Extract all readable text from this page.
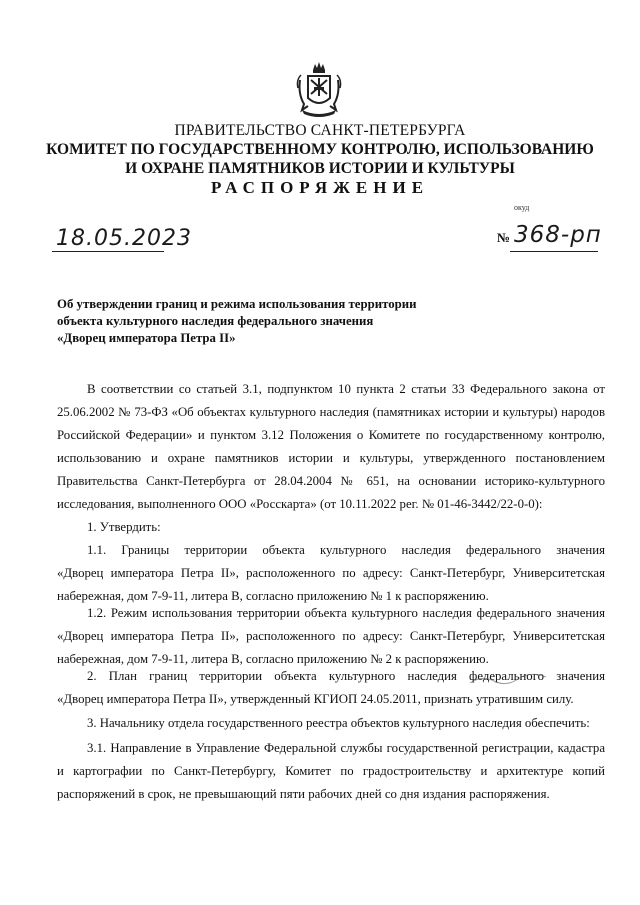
ПРАВИТЕЛЬСТВО САНКТ-ПЕТЕРБУРГА
КОМИТЕТ ПО ГОСУДАРСТВЕННОМУ КОНТРОЛЮ, ИСПОЛЬЗОВАНИЮ
И ОХРАНЕ ПАМЯТНИКОВ ИСТОРИИ И КУЛЬТУРЫ
РАСПОРЯЖЕНИЕ
окуд
18.05.2023	№ 368-рп
Об утверждении границ и режима использования территории
объекта культурного наследия федерального значения
«Дворец императора Петра II»

В соответствии со статьей 3.1, подпунктом 10 пункта 2 статьи 33 Федерального закона от

25.06.2002 № 73-ФЗ «Об объектах культурного наследия (памятниках истории и культуры) народов

Российской Федерации» и пунктом 3.12 Положения о Комитете по государственному контролю,

использованию и охране памятников истории и культуры, утвержденного постановлением

Правительства Санкт-Петербурга от 28.04.2004 № 651, на основании историко-культурного

исследования, выполненного ООО «Росскарта» (от 10.11.2022 рег. № 01-46-3442/22-0-0):

1. Утвердить:

1.1. Границы территории объекта культурного наследия федерального значения

«Дворец императора Петра II», расположенного по адресу: Санкт-Петербург, Университетская

набережная, дом 7-9-11, литера В, согласно приложению № 1 к распоряжению.

1.2. Режим использования территории объекта культурного наследия федерального значения

«Дворец императора Петра II», расположенного по адресу: Санкт-Петербург, Университетская

набережная, дом 7-9-11, литера В, согласно приложению № 2 к распоряжению.

2. План границ территории объекта культурного наследия федерального значения

«Дворец императора Петра II», утвержденный КГИОП 24.05.2011, признать утратившим силу.

3. Начальнику отдела государственного реестра объектов культурного наследия обеспечить:

3.1. Направление в Управление Федеральной службы государственной регистрации, кадастра

и картографии по Санкт-Петербургу, Комитет по градостроительству и архитектуре копий

распоряжений в срок, не превышающий пяти рабочих дней со дня издания распоряжения.
